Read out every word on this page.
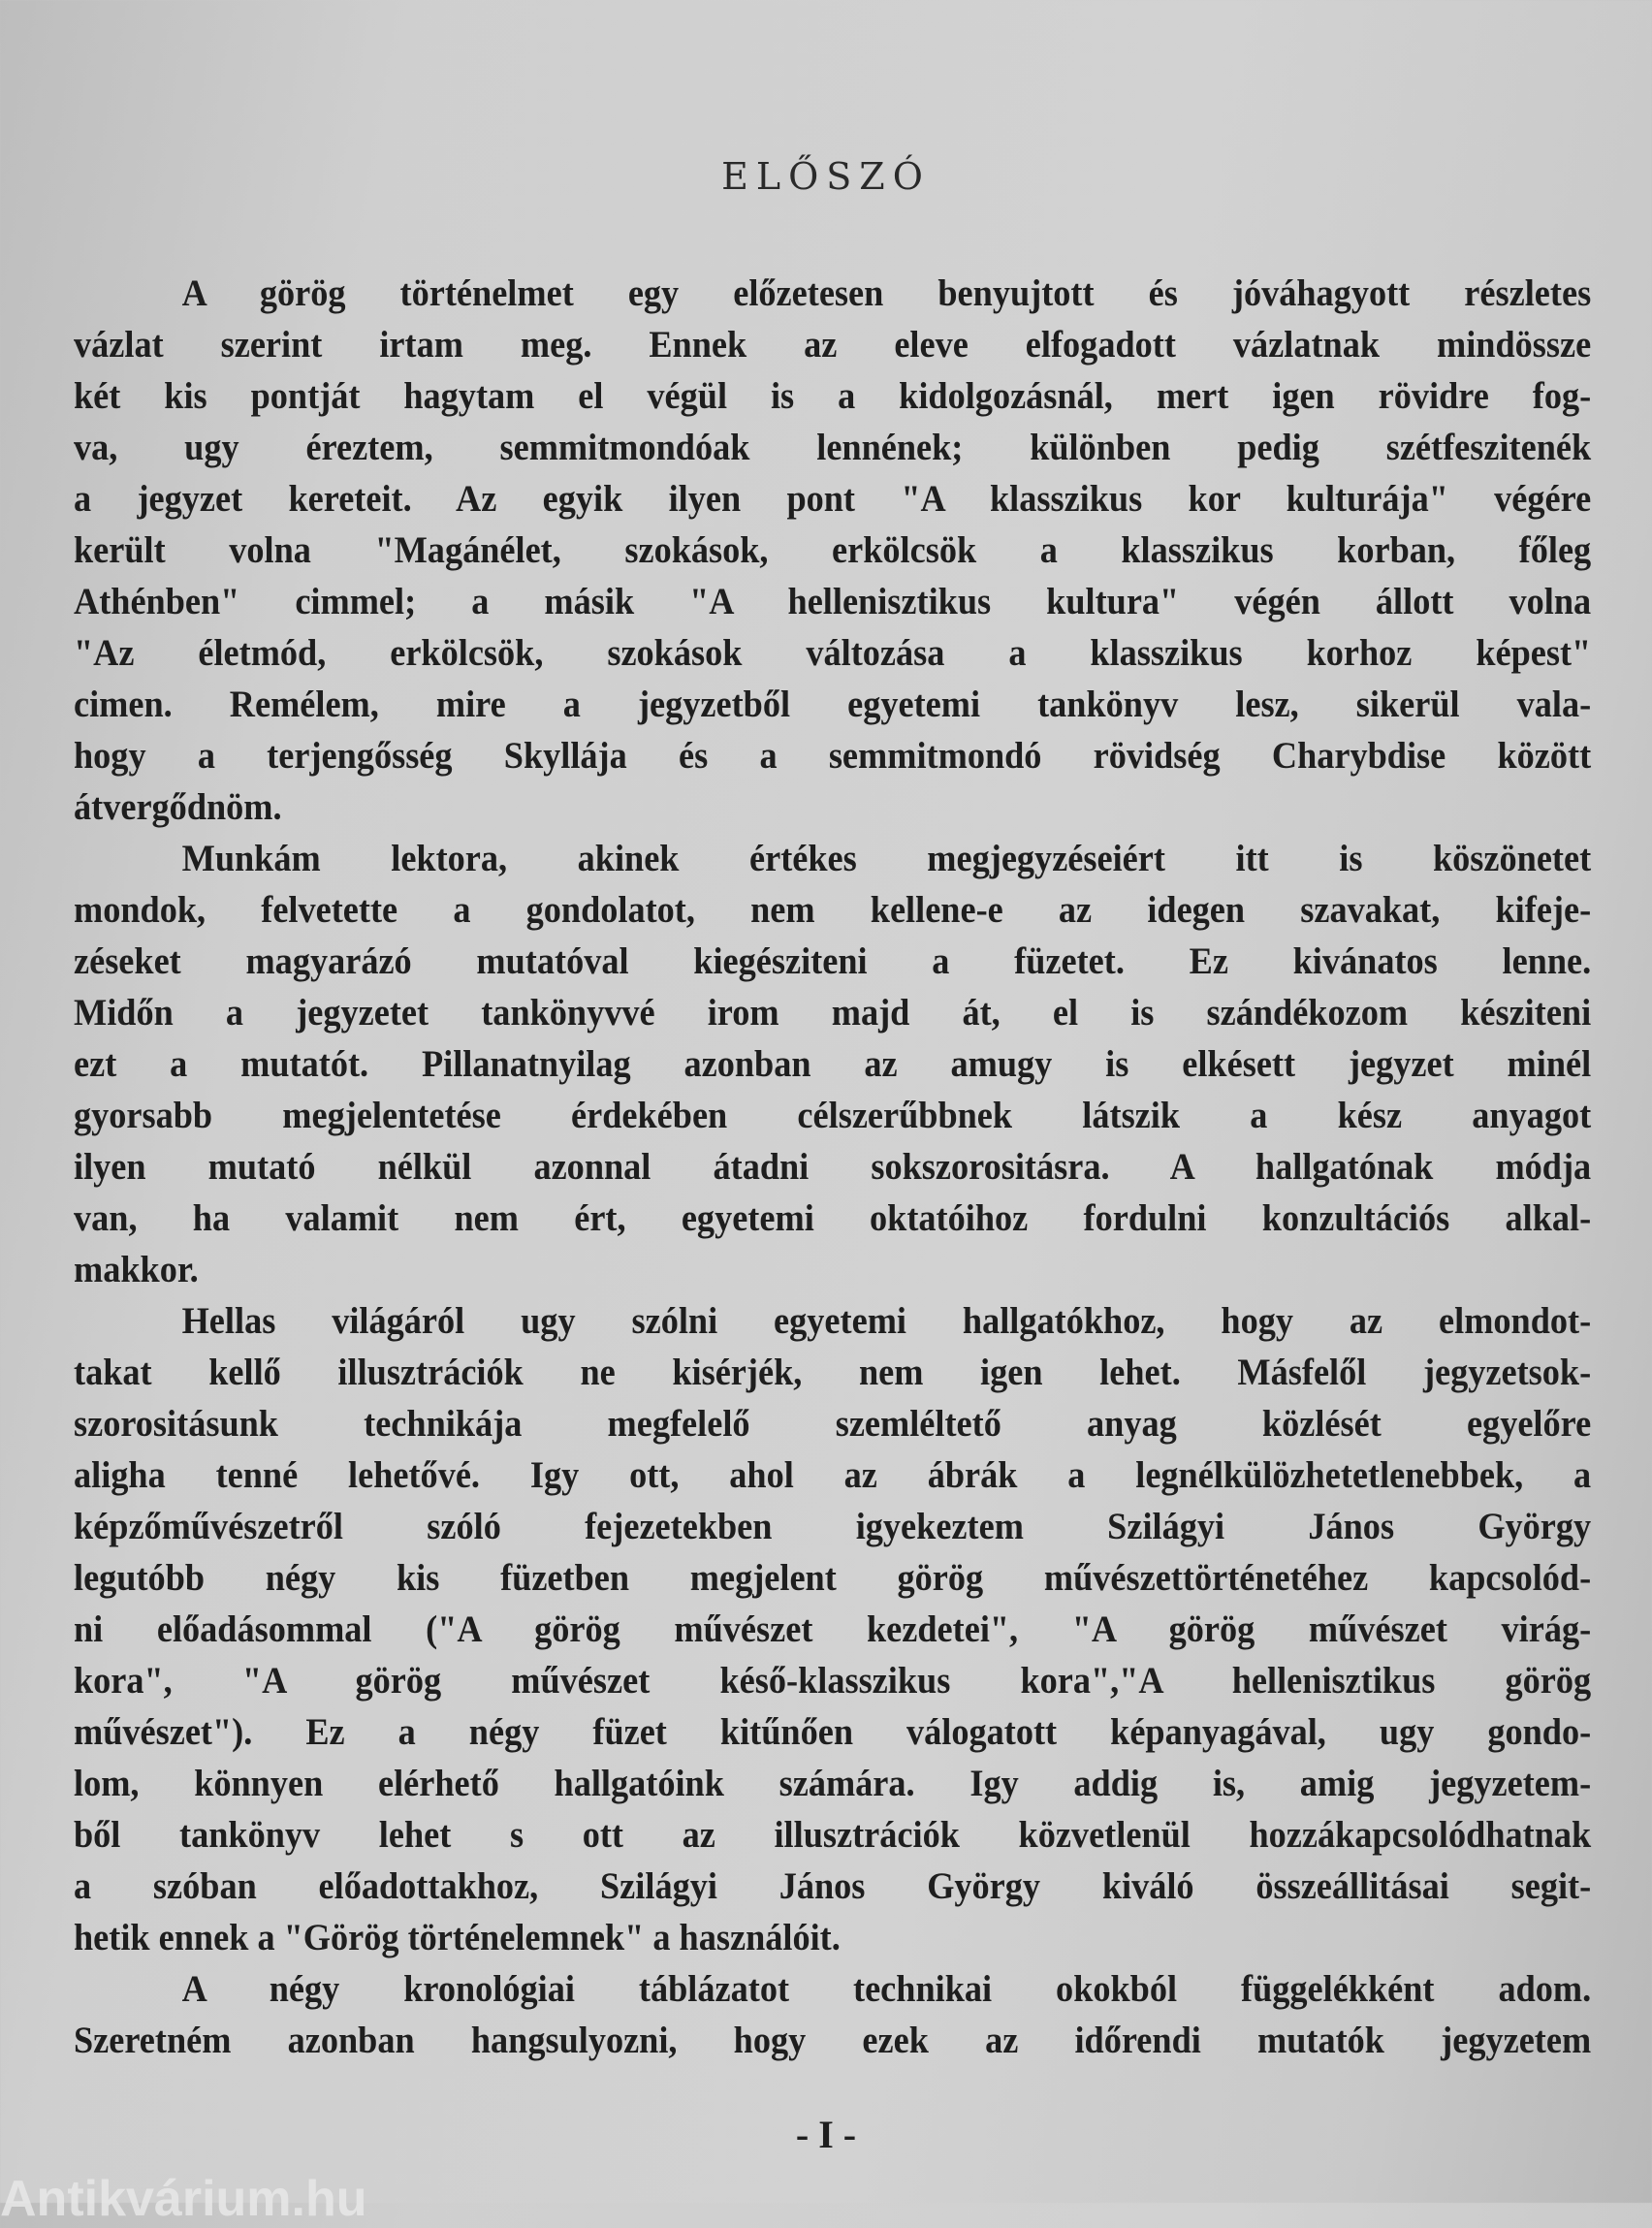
ELŐSZÓ
A görög történelmet egy előzetesen benyujtott és jóváhagyott részletes
vázlat szerint irtam meg. Ennek az eleve elfogadott vázlatnak mindössze
két kis pontját hagytam el végül is a kidolgozásnál, mert igen rövidre fog-
va, ugy éreztem, semmitmondóak lennének; különben pedig szétfeszitenék
a jegyzet kereteit. Az egyik ilyen pont "A klasszikus kor kulturája" végére
került volna "Magánélet, szokások, erkölcsök a klasszikus korban, főleg
Athénben" cimmel; a másik "A hellenisztikus kultura" végén állott volna
"Az életmód, erkölcsök, szokások változása a klasszikus korhoz képest"
cimen. Remélem, mire a jegyzetből egyetemi tankönyv lesz, sikerül vala-
hogy a terjengősség Skyllája és a semmitmondó rövidség Charybdise között
átvergődnöm.
Munkám lektora, akinek értékes megjegyzéseiért itt is köszönetet
mondok, felvetette a gondolatot, nem kellene-e az idegen szavakat, kifeje-
zéseket magyarázó mutatóval kiegésziteni a füzetet. Ez kivánatos lenne.
Midőn a jegyzetet tankönyvvé irom majd át, el is szándékozom késziteni
ezt a mutatót. Pillanatnyilag azonban az amugy is elkésett jegyzet minél
gyorsabb megjelentetése érdekében célszerűbbnek látszik a kész anyagot
ilyen mutató nélkül azonnal átadni sokszorositásra. A hallgatónak módja
van, ha valamit nem ért, egyetemi oktatóihoz fordulni konzultációs alkal-
makkor.
Hellas világáról ugy szólni egyetemi hallgatókhoz, hogy az elmondot-
takat kellő illusztrációk ne kisérjék, nem igen lehet. Másfelől jegyzetsok-
szorositásunk technikája megfelelő szemléltető anyag közlését egyelőre
aligha tenné lehetővé. Igy ott, ahol az ábrák a legnélkülözhetetlenebbek, a
képzőművészetről szóló fejezetekben igyekeztem Szilágyi János György
legutóbb négy kis füzetben megjelent görög művészettörténetéhez kapcsolód-
ni előadásommal ("A görög művészet kezdetei", "A görög művészet virág-
kora", "A görög művészet késő-klasszikus kora","A hellenisztikus görög
művészet"). Ez a négy füzet kitűnően válogatott képanyagával, ugy gondo-
lom, könnyen elérhető hallgatóink számára. Igy addig is, amig jegyzetem-
ből tankönyv lehet s ott az illusztrációk közvetlenül hozzákapcsolódhatnak
a szóban előadottakhoz, Szilágyi János György kiváló összeállitásai segit-
hetik ennek a "Görög történelemnek" a használóit.
A négy kronológiai táblázatot technikai okokból függelékként adom.
Szeretném azonban hangsulyozni, hogy ezek az időrendi mutatók jegyzetem
- I -
Antikvárium.hu
